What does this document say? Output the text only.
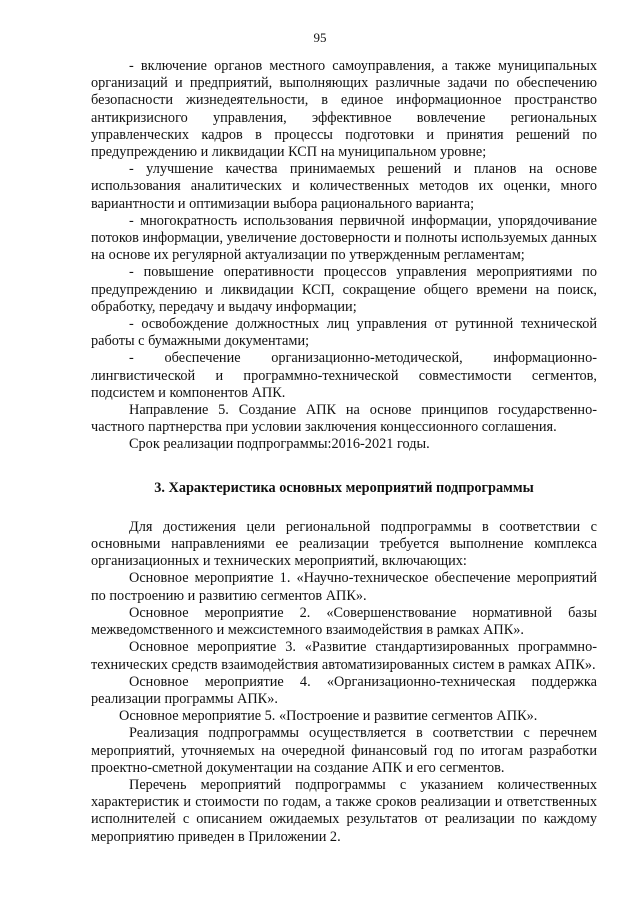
95

- включение органов местного самоуправления, а также муниципальных организаций и предприятий, выполняющих различные задачи по обеспечению безопасности жизнедеятельности, в единое информационное пространство антикризисного управления, эффективное вовлечение региональных управленческих кадров в процессы подготовки и принятия решений по предупреждению и ликвидации КСП на муниципальном уровне;

- улучшение качества принимаемых решений и планов на основе использования аналитических и количественных методов их оценки, много вариантности и оптимизации выбора рационального варианта;

- многократность использования первичной информации, упорядочивание потоков информации, увеличение достоверности и полноты используемых данных на основе их регулярной актуализации по утвержденным регламентам;

- повышение оперативности процессов управления мероприятиями по предупреждению и ликвидации КСП, сокращение общего времени на поиск, обработку, передачу и выдачу информации;

- освобождение должностных лиц управления от рутинной технической работы с бумажными документами;

- обеспечение организационно-методической, информационно-лингвистической и программно-технической совместимости сегментов, подсистем и компонентов АПК.

Направление 5. Создание АПК на основе принципов государственно-частного партнерства при условии заключения концессионного соглашения.

Срок реализации подпрограммы:2016-2021 годы.

3. Характеристика основных мероприятий подпрограммы

Для достижения цели региональной подпрограммы в соответствии с основными направлениями ее реализации требуется выполнение комплекса организационных и технических мероприятий, включающих:

Основное мероприятие 1. «Научно-техническое обеспечение мероприятий по построению и развитию сегментов АПК».

Основное мероприятие 2. «Совершенствование нормативной базы межведомственного и межсистемного взаимодействия в рамках АПК».

Основное мероприятие 3. «Развитие стандартизированных программно-технических средств взаимодействия автоматизированных систем в рамках АПК».

Основное мероприятие 4. «Организационно-техническая поддержка реализации программы АПК».

Основное мероприятие 5. «Построение и развитие сегментов АПК».

Реализация подпрограммы осуществляется в соответствии с перечнем мероприятий, уточняемых на очередной финансовый год по итогам разработки проектно-сметной документации на создание АПК и его сегментов.

Перечень мероприятий подпрограммы с указанием количественных характеристик и стоимости по годам, а также сроков реализации и ответственных исполнителей с описанием ожидаемых результатов от реализации по каждому мероприятию приведен в Приложении 2.
